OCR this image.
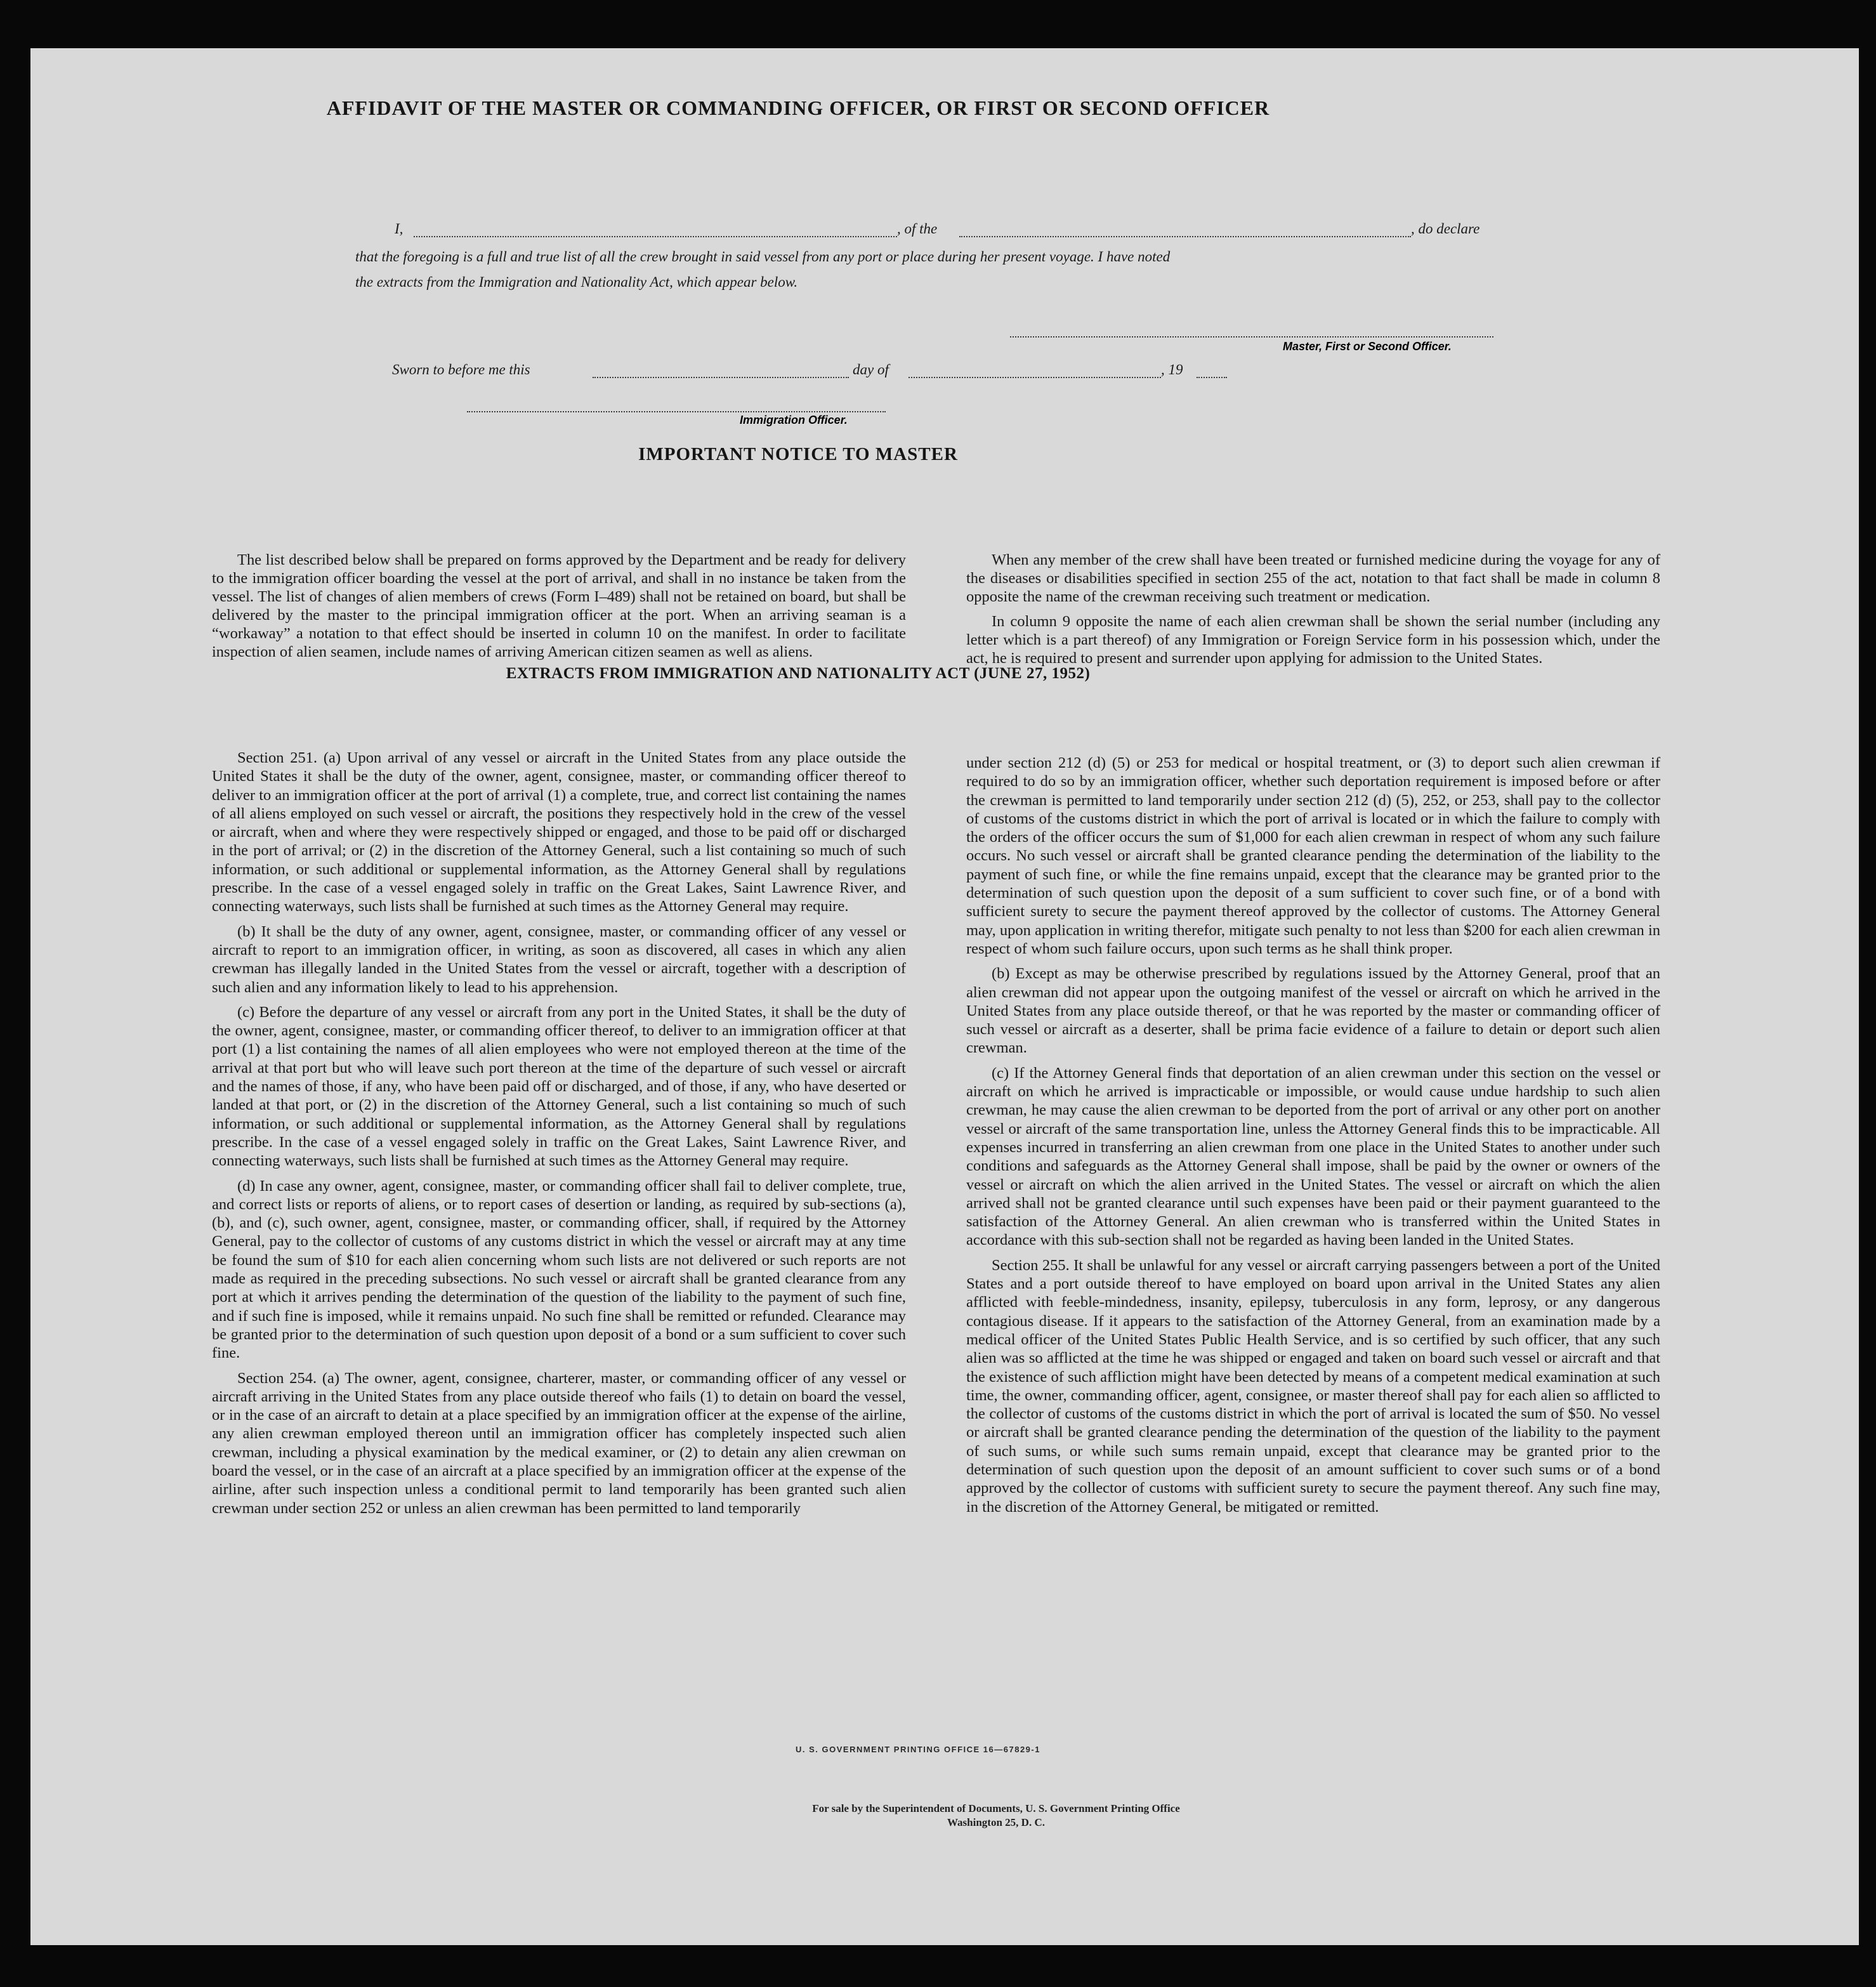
AFFIDAVIT OF THE MASTER OR COMMANDING OFFICER, OR FIRST OR SECOND OFFICER
I,	, of the	, do declare
that the foregoing is a full and true list of all the crew brought in said vessel from any port or place during her present voyage. I have noted
the extracts from the Immigration and Nationality Act, which appear below.
Master, First or Second Officer.
Sworn to before me this	day of	, 19
Immigration Officer.
IMPORTANT NOTICE TO MASTER

The list described below shall be prepared on forms approved by the Department and be ready for delivery to the immigration officer boarding the vessel at the port of arrival, and shall in no instance be taken from the vessel. The list of changes of alien members of crews (Form I–489) shall not be retained on board, but shall be delivered by the master to the principal immigration officer at the port. When an arriving seaman is a “workaway” a notation to that effect should be inserted in column 10 on the manifest. In order to facilitate inspection of alien seamen, include names of arriving American citizen seamen as well as aliens.

When any member of the crew shall have been treated or furnished medicine during the voyage for any of the diseases or disabilities specified in section 255 of the act, notation to that fact shall be made in column 8 opposite the name of the crewman receiving such treatment or medication.

In column 9 opposite the name of each alien crewman shall be shown the serial number (including any letter which is a part thereof) of any Immigration or Foreign Service form in his possession which, under the act, he is required to present and surrender upon applying for admission to the United States.

EXTRACTS FROM IMMIGRATION AND NATIONALITY ACT (JUNE 27, 1952)

Section 251. (a) Upon arrival of any vessel or aircraft in the United States from any place outside the United States it shall be the duty of the owner, agent, consignee, master, or commanding officer thereof to deliver to an immigration officer at the port of arrival (1) a complete, true, and correct list containing the names of all aliens employed on such vessel or aircraft, the positions they respectively hold in the crew of the vessel or aircraft, when and where they were respectively shipped or engaged, and those to be paid off or discharged in the port of arrival; or (2) in the discretion of the Attorney General, such a list containing so much of such information, or such additional or supplemental information, as the Attorney General shall by regulations prescribe. In the case of a vessel engaged solely in traffic on the Great Lakes, Saint Lawrence River, and connecting waterways, such lists shall be furnished at such times as the Attorney General may require.

(b) It shall be the duty of any owner, agent, consignee, master, or commanding officer of any vessel or aircraft to report to an immigration officer, in writing, as soon as discovered, all cases in which any alien crewman has illegally landed in the United States from the vessel or aircraft, together with a description of such alien and any information likely to lead to his apprehension.

(c) Before the departure of any vessel or aircraft from any port in the United States, it shall be the duty of the owner, agent, consignee, master, or commanding officer thereof, to deliver to an immigration officer at that port (1) a list containing the names of all alien employees who were not employed thereon at the time of the arrival at that port but who will leave such port thereon at the time of the departure of such vessel or aircraft and the names of those, if any, who have been paid off or discharged, and of those, if any, who have deserted or landed at that port, or (2) in the discretion of the Attorney General, such a list containing so much of such information, or such additional or supplemental information, as the Attorney General shall by regulations prescribe. In the case of a vessel engaged solely in traffic on the Great Lakes, Saint Lawrence River, and connecting waterways, such lists shall be furnished at such times as the Attorney General may require.

(d) In case any owner, agent, consignee, master, or commanding officer shall fail to deliver complete, true, and correct lists or reports of aliens, or to report cases of desertion or landing, as required by sub-sections (a), (b), and (c), such owner, agent, consignee, master, or commanding officer, shall, if required by the Attorney General, pay to the collector of customs of any customs district in which the vessel or aircraft may at any time be found the sum of $10 for each alien concerning whom such lists are not delivered or such reports are not made as required in the preceding subsections. No such vessel or aircraft shall be granted clearance from any port at which it arrives pending the determination of the question of the liability to the payment of such fine, and if such fine is imposed, while it remains unpaid. No such fine shall be remitted or refunded. Clearance may be granted prior to the determination of such question upon deposit of a bond or a sum sufficient to cover such fine.

Section 254. (a) The owner, agent, consignee, charterer, master, or commanding officer of any vessel or aircraft arriving in the United States from any place outside thereof who fails (1) to detain on board the vessel, or in the case of an aircraft to detain at a place specified by an immigration officer at the expense of the airline, any alien crewman employed thereon until an immigration officer has completely inspected such alien crewman, including a physical examination by the medical examiner, or (2) to detain any alien crewman on board the vessel, or in the case of an aircraft at a place specified by an immigration officer at the expense of the airline, after such inspection unless a conditional permit to land temporarily has been granted such alien crewman under section 252 or unless an alien crewman has been permitted to land temporarily

under section 212 (d) (5) or 253 for medical or hospital treatment, or (3) to deport such alien crewman if required to do so by an immigration officer, whether such deportation requirement is imposed before or after the crewman is permitted to land temporarily under section 212 (d) (5), 252, or 253, shall pay to the collector of customs of the customs district in which the port of arrival is located or in which the failure to comply with the orders of the officer occurs the sum of $1,000 for each alien crewman in respect of whom any such failure occurs. No such vessel or aircraft shall be granted clearance pending the determination of the liability to the payment of such fine, or while the fine remains unpaid, except that the clearance may be granted prior to the determination of such question upon the deposit of a sum sufficient to cover such fine, or of a bond with sufficient surety to secure the payment thereof approved by the collector of customs. The Attorney General may, upon application in writing therefor, mitigate such penalty to not less than $200 for each alien crewman in respect of whom such failure occurs, upon such terms as he shall think proper.

(b) Except as may be otherwise prescribed by regulations issued by the Attorney General, proof that an alien crewman did not appear upon the outgoing manifest of the vessel or aircraft on which he arrived in the United States from any place outside thereof, or that he was reported by the master or commanding officer of such vessel or aircraft as a deserter, shall be prima facie evidence of a failure to detain or deport such alien crewman.

(c) If the Attorney General finds that deportation of an alien crewman under this section on the vessel or aircraft on which he arrived is impracticable or impossible, or would cause undue hardship to such alien crewman, he may cause the alien crewman to be deported from the port of arrival or any other port on another vessel or aircraft of the same transportation line, unless the Attorney General finds this to be impracticable. All expenses incurred in transferring an alien crewman from one place in the United States to another under such conditions and safeguards as the Attorney General shall impose, shall be paid by the owner or owners of the vessel or aircraft on which the alien arrived in the United States. The vessel or aircraft on which the alien arrived shall not be granted clearance until such expenses have been paid or their payment guaranteed to the satisfaction of the Attorney General. An alien crewman who is transferred within the United States in accordance with this sub-section shall not be regarded as having been landed in the United States.

Section 255. It shall be unlawful for any vessel or aircraft carrying passengers between a port of the United States and a port outside thereof to have employed on board upon arrival in the United States any alien afflicted with feeble-mindedness, insanity, epilepsy, tuberculosis in any form, leprosy, or any dangerous contagious disease. If it appears to the satisfaction of the Attorney General, from an examination made by a medical officer of the United States Public Health Service, and is so certified by such officer, that any such alien was so afflicted at the time he was shipped or engaged and taken on board such vessel or aircraft and that the existence of such affliction might have been detected by means of a competent medical examination at such time, the owner, commanding officer, agent, consignee, or master thereof shall pay for each alien so afflicted to the collector of customs of the customs district in which the port of arrival is located the sum of $50. No vessel or aircraft shall be granted clearance pending the determination of the question of the liability to the payment of such sums, or while such sums remain unpaid, except that clearance may be granted prior to the determination of such question upon the deposit of an amount sufficient to cover such sums or of a bond approved by the collector of customs with sufficient surety to secure the payment thereof. Any such fine may, in the discretion of the Attorney General, be mitigated or remitted.

U. S. GOVERNMENT PRINTING OFFICE 16—67829-1
For sale by the Superintendent of Documents, U. S. Government Printing Office
Washington 25, D. C.
